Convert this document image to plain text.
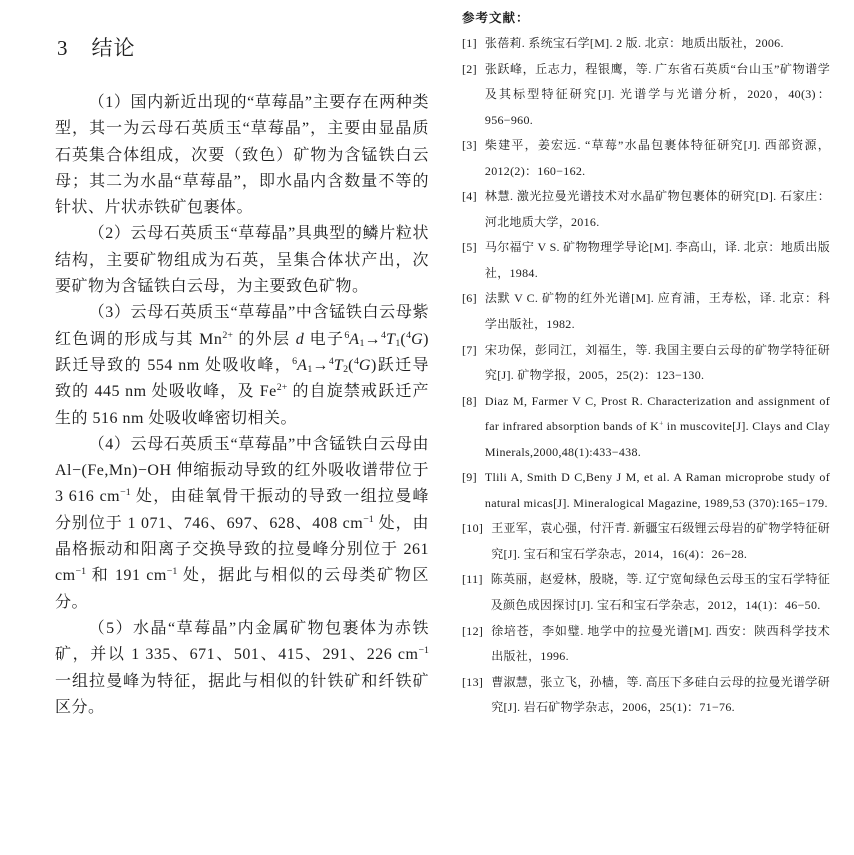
3 结论

（1）国内新近出现的“草莓晶”主要存在两种类型，其一为云母石英质玉“草莓晶”，主要由显晶质石英集合体组成，次要（致色）矿物为含锰铁白云母；其二为水晶“草莓晶”，即水晶内含数量不等的针状、片状赤铁矿包裹体。

（2）云母石英质玉“草莓晶”具典型的鳞片粒状结构，主要矿物组成为石英，呈集合体状产出，次要矿物为含锰铁白云母，为主要致色矿物。

（3）云母石英质玉“草莓晶”中含锰铁白云母紫红色调的形成与其 $Mn^{2+}$ 的外层 d 电子$^6A_1\to^4T_1(^4G)$跃迁导致的 554 nm 处吸收峰，$^6A_1\to^4T_2(^4G)$跃迁导致的 445 nm 处吸收峰，及 $Fe^{2+}$ 的自旋禁戒跃迁产生的 516 nm 处吸收峰密切相关。

（4）云母石英质玉“草莓晶”中含锰铁白云母由 Al−(Fe,Mn)−OH 伸缩振动导致的红外吸收谱带位于 3 616 $cm^{-1}$ 处，由硅氧骨干振动的导致一组拉曼峰分别位于 1 071、746、697、628、408 $cm^{-1}$ 处，由晶格振动和阳离子交换导致的拉曼峰分别位于 261 $cm^{-1}$ 和 191 $cm^{-1}$ 处，据此与相似的云母类矿物区分。

（5）水晶“草莓晶”内金属矿物包裹体为赤铁矿，并以 1 335、671、501、415、291、226 $cm^{-1}$ 一组拉曼峰为特征，据此与相似的针铁矿和纤铁矿区分。

参考文献：
[1] 张蓓莉. 系统宝石学[M]. 2 版. 北京：地质出版社，2006.
[2] 张跃峰，丘志力，程银鹰，等. 广东省石英质“台山玉”矿物谱学及其标型特征研究[J]. 光谱学与光谱分析，2020，40(3)：956−960.
[3] 柴建平，姜宏远. “草莓”水晶包裹体特征研究[J]. 西部资源，2012(2)：160−162.
[4] 林慧. 激光拉曼光谱技术对水晶矿物包裹体的研究[D]. 石家庄：河北地质大学，2016.
[5] 马尔福宁 V S. 矿物物理学导论[M]. 李高山，译. 北京：地质出版社，1984.
[6] 法默 V C. 矿物的红外光谱[M]. 应育浦，王寿松，译. 北京：科学出版社，1982.
[7] 宋功保，彭同江，刘福生，等. 我国主要白云母的矿物学特征研究[J]. 矿物学报，2005，25(2)：123−130.
[8] Diaz M, Farmer V C, Prost R. Characterization and assignment of far infrared absorption bands of K+ in muscovite[J]. Clays and Clay Minerals,2000,48(1):433−438.
[9] Tlili A, Smith D C,Beny J M, et al. A Raman microprobe study of natural micas[J]. Mineralogical Magazine, 1989,53 (370):165−179.
[10] 王亚军，袁心强，付汗青. 新疆宝石级锂云母岩的矿物学特征研究[J]. 宝石和宝石学杂志，2014，16(4)：26−28.
[11] 陈英丽，赵爱林，殷晓，等. 辽宁宽甸绿色云母玉的宝石学特征及颜色成因探讨[J]. 宝石和宝石学杂志，2012，14(1)：46−50.
[12] 徐培苍，李如璧. 地学中的拉曼光谱[M]. 西安：陕西科学技术出版社，1996.
[13] 曹淑慧，张立飞，孙樯，等. 高压下多硅白云母的拉曼光谱学研究[J]. 岩石矿物学杂志，2006，25(1)：71−76.
